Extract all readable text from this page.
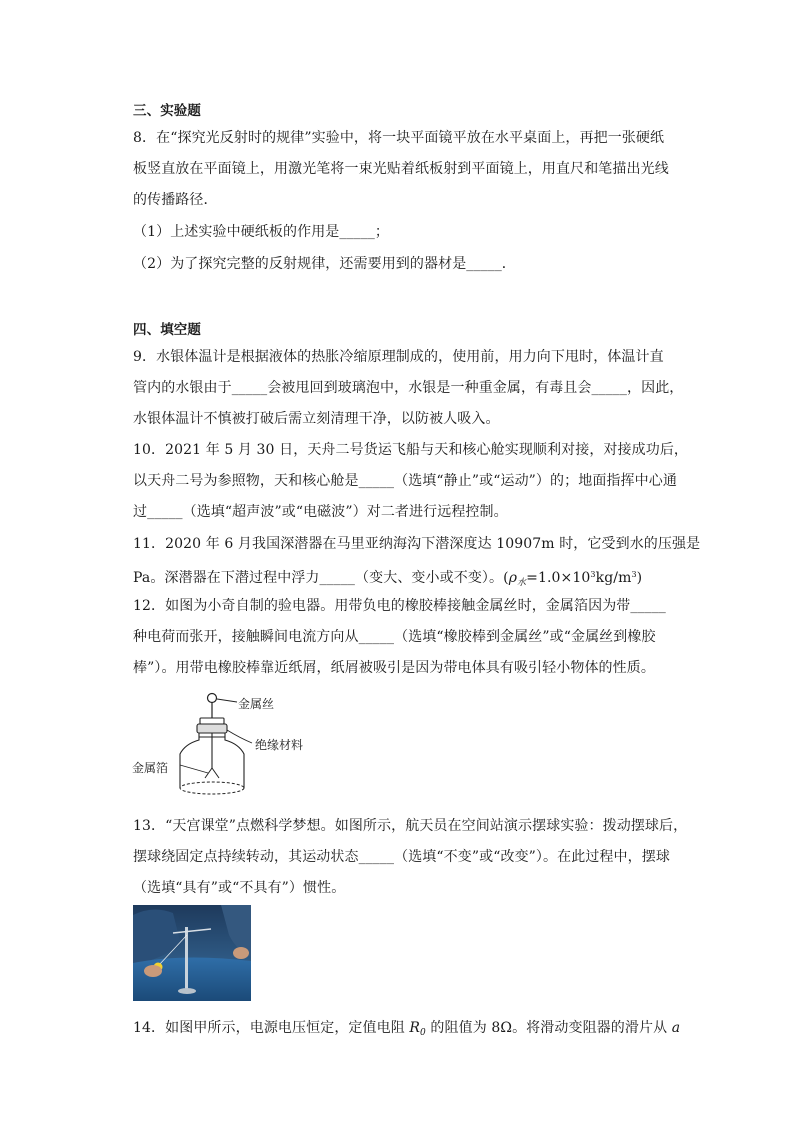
三、实验题
8．在“探究光反射时的规律”实验中，将一块平面镜平放在水平桌面上，再把一张硬纸
板竖直放在平面镜上，用激光笔将一束光贴着纸板射到平面镜上，用直尺和笔描出光线
的传播路径．
（1）上述实验中硬纸板的作用是_____；
（2）为了探究完整的反射规律，还需要用到的器材是_____．
四、填空题
9．水银体温计是根据液体的热胀冷缩原理制成的，使用前，用力向下甩时，体温计直
管内的水银由于_____会被甩回到玻璃泡中，水银是一种重金属，有毒且会_____，因此，
水银体温计不慎被打破后需立刻清理干净，以防被人吸入。
10．2021 年 5 月 30 日，天舟二号货运飞船与天和核心舱实现顺利对接，对接成功后，
以天舟二号为参照物，天和核心舱是_____（选填“静止”或“运动”）的；地面指挥中心通
过_____（选填“超声波”或“电磁波”）对二者进行远程控制。
11．2020 年 6 月我国深潜器在马里亚纳海沟下潜深度达 10907m 时，它受到水的压强是
Pa。深潜器在下潜过程中浮力_____（变大、变小或不变）。$(\rho_水=1.0\times 10^3kg/m^3)$
12．如图为小奇自制的验电器。用带负电的橡胶棒接触金属丝时，金属箔因为带_____
种电荷而张开，接触瞬间电流方向从_____（选填“橡胶棒到金属丝”或“金属丝到橡胶
棒”）。用带电橡胶棒靠近纸屑，纸屑被吸引是因为带电体具有吸引轻小物体的性质。
金属丝
绝缘材料
金属箔
13．“天宫课堂”点燃科学梦想。如图所示，航天员在空间站演示摆球实验：拨动摆球后，
摆球绕固定点持续转动，其运动状态_____（选填“不变”或“改变”）。在此过程中，摆球
（选填“具有”或“不具有”）惯性。
14．如图甲所示，电源电压恒定，定值电阻 $R_0$ 的阻值为 8Ω。将滑动变阻器的滑片从 a
